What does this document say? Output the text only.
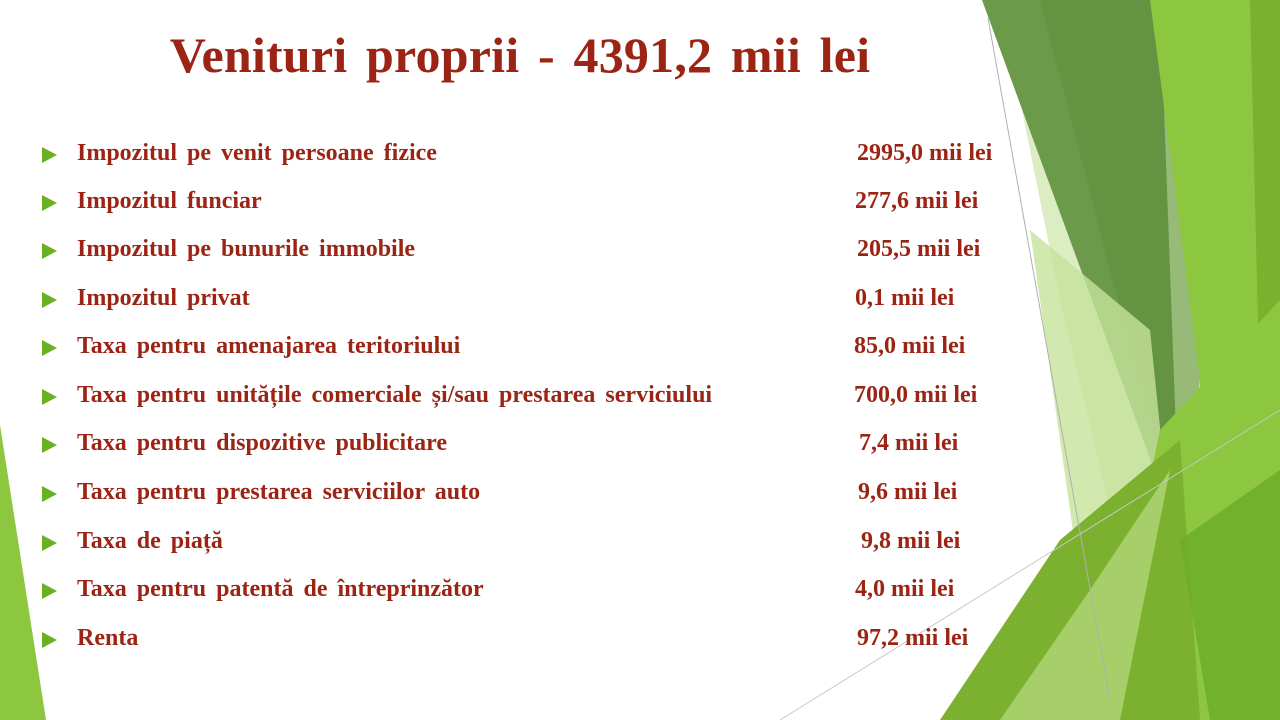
Venituri proprii - 4391,2 mii lei
Impozitul pe venit persoane fizice	2995,0 mii lei
Impozitul funciar	277,6 mii lei
Impozitul pe bunurile immobile	205,5 mii lei
Impozitul privat	0,1 mii lei
Taxa pentru amenajarea teritoriului	85,0 mii lei
Taxa pentru unitățile comerciale și/sau prestarea serviciului	700,0 mii lei
Taxa pentru dispozitive publicitare	7,4 mii lei
Taxa pentru prestarea serviciilor auto	9,6 mii lei
Taxa de piață	9,8 mii lei
Taxa pentru patentă de întreprinzător	4,0 mii lei
Renta	97,2 mii lei
